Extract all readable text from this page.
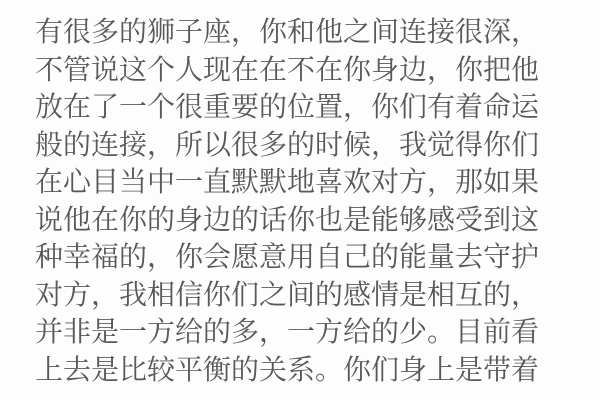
有很多的狮子座，你和他之间连接很深，
不管说这个人现在在不在你身边，你把他
放在了一个很重要的位置，你们有着命运
般的连接，所以很多的时候，我觉得你们
在心目当中一直默默地喜欢对方，那如果
说他在你的身边的话你也是能够感受到这
种幸福的，你会愿意用自己的能量去守护
对方，我相信你们之间的感情是相互的，
并非是一方给的多，一方给的少。目前看
上去是比较平衡的关系。你们身上是带着
